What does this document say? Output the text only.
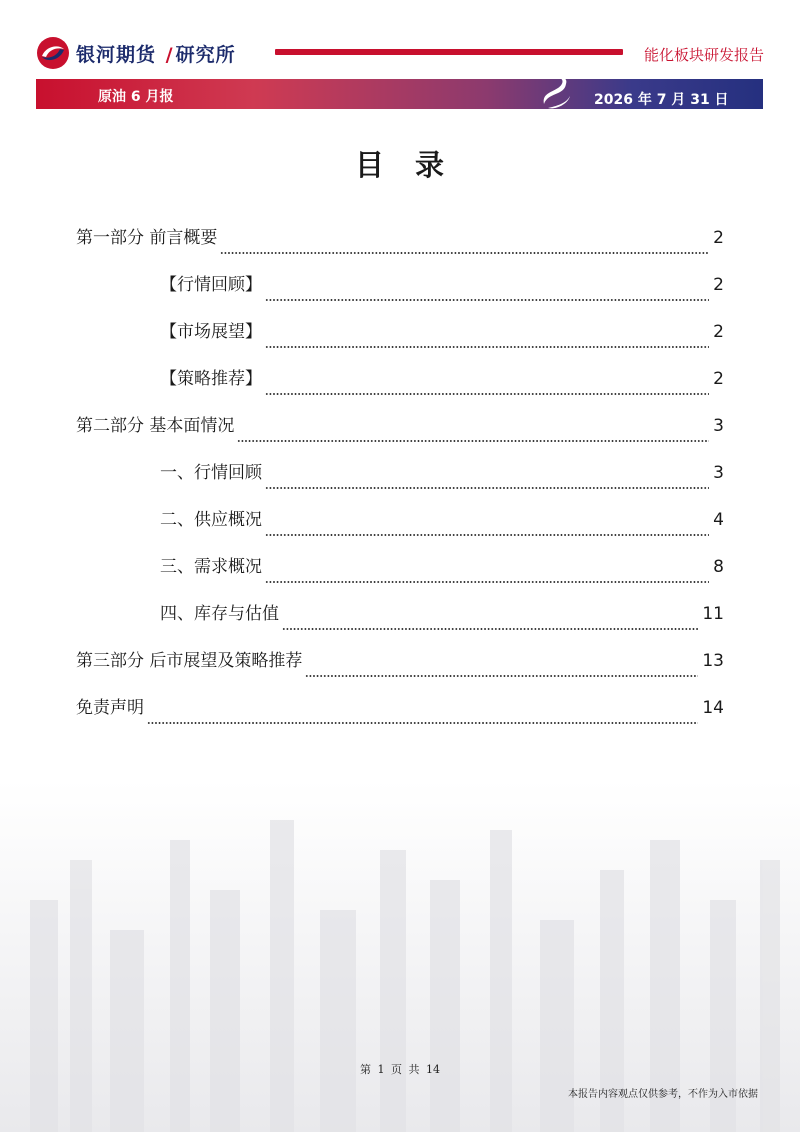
银河期货 / 研究所	能化板块研发报告
原油 6 月报	2026 年 7 月 31 日
目　录
第一部分 前言概要	2
【行情回顾】	2
【市场展望】	2
【策略推荐】	2
第二部分 基本面情况	3
一、行情回顾	3
二、供应概况	4
三、需求概况	8
四、库存与估值	11
第三部分 后市展望及策略推荐	13
免责声明	14
第 1 页 共 14
本报告内容观点仅供参考，不作为入市依据
